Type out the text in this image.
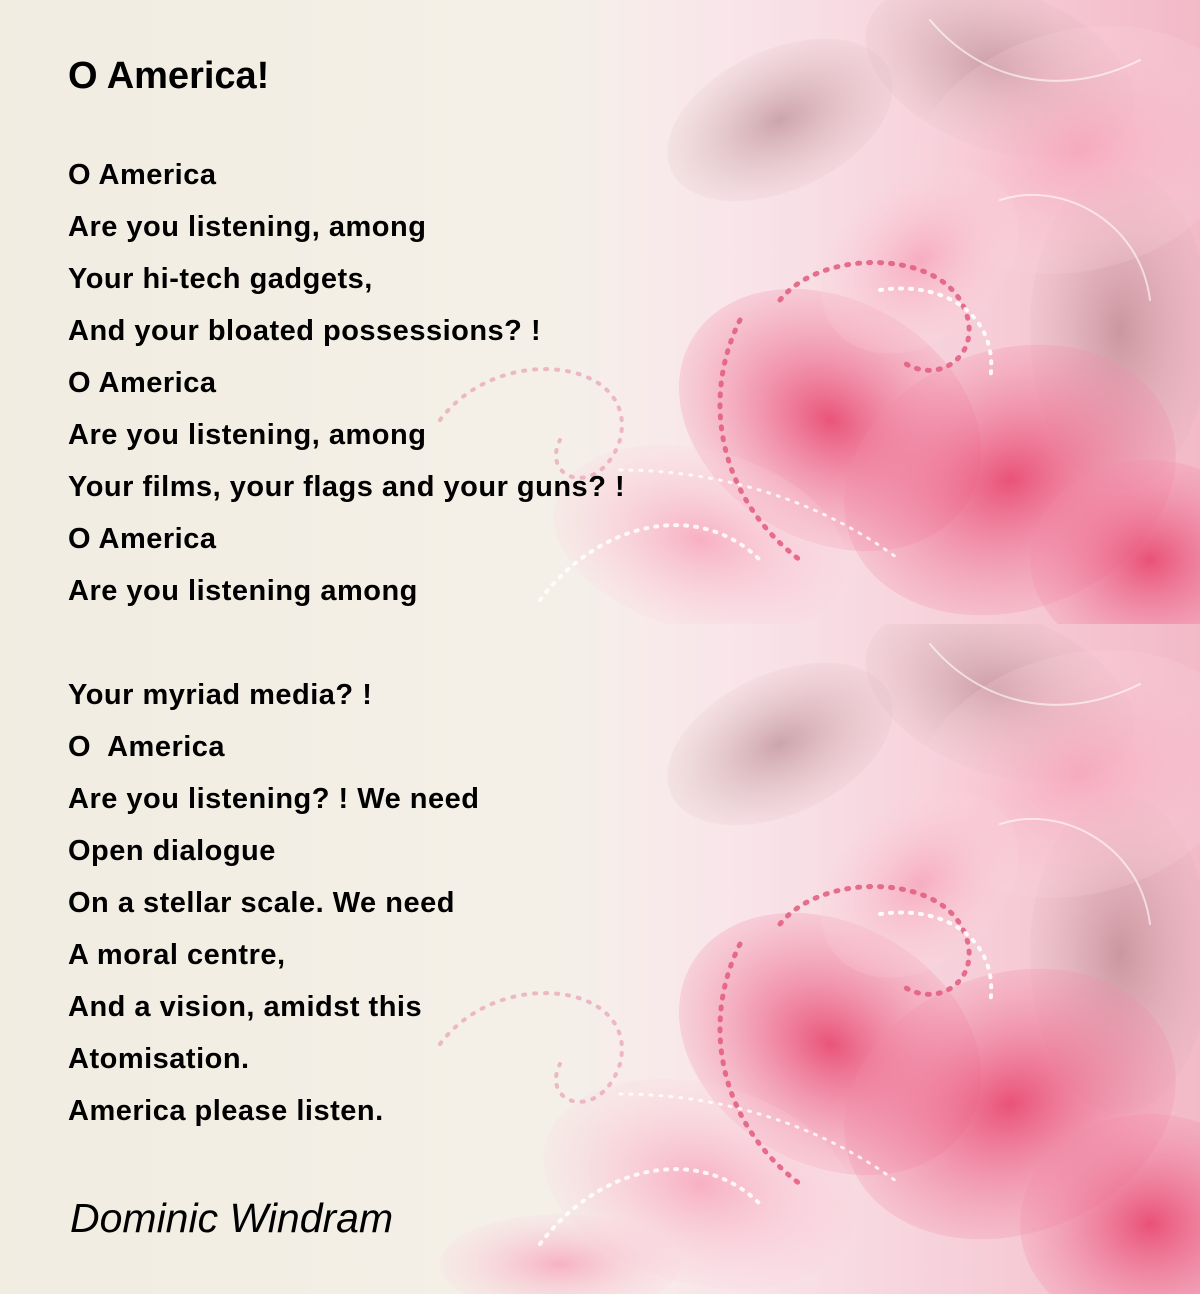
O America!
O America
Are you listening, among
Your hi-tech gadgets,
And your bloated possessions? !
O America
Are you listening, among
Your films, your flags and your guns? !
O America
Are you listening among
Your myriad media? !
O  America
Are you listening? ! We need
Open dialogue
On a stellar scale. We need
A moral centre,
And a vision, amidst this
Atomisation.
America please listen.
Dominic Windram
